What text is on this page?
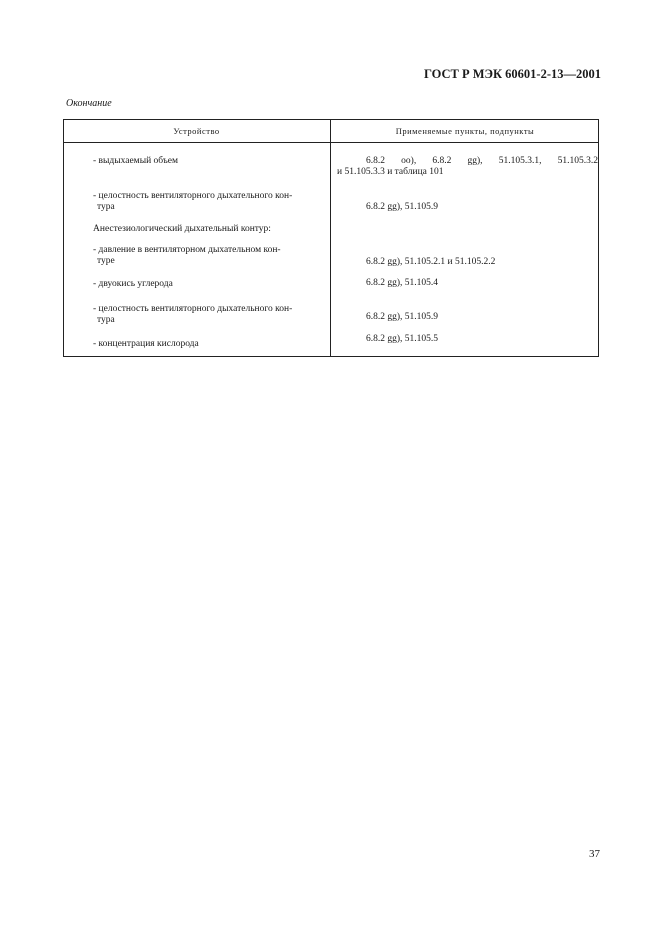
ГОСТ Р МЭК 60601-2-13—2001
Окончание
Устройство	Применяемые пункты, подпункты
- выдыхаемый объем	6.8.2 оо), 6.8.2 gg), 51.105.3.1, 51.105.3.2
и 51.105.3.3 и таблица 101
- целостность вентиляторного дыхательного кон-
тура	6.8.2 gg), 51.105.9
Анестезиологический дыхательный контур:
- давление в вентиляторном дыхательном кон-
туре	6.8.2 gg), 51.105.2.1 и 51.105.2.2
- двуокись углерода	6.8.2 gg), 51.105.4
- целостность вентиляторного дыхательного кон-
тура	6.8.2 gg), 51.105.9
- концентрация кислорода	6.8.2 gg), 51.105.5
37
